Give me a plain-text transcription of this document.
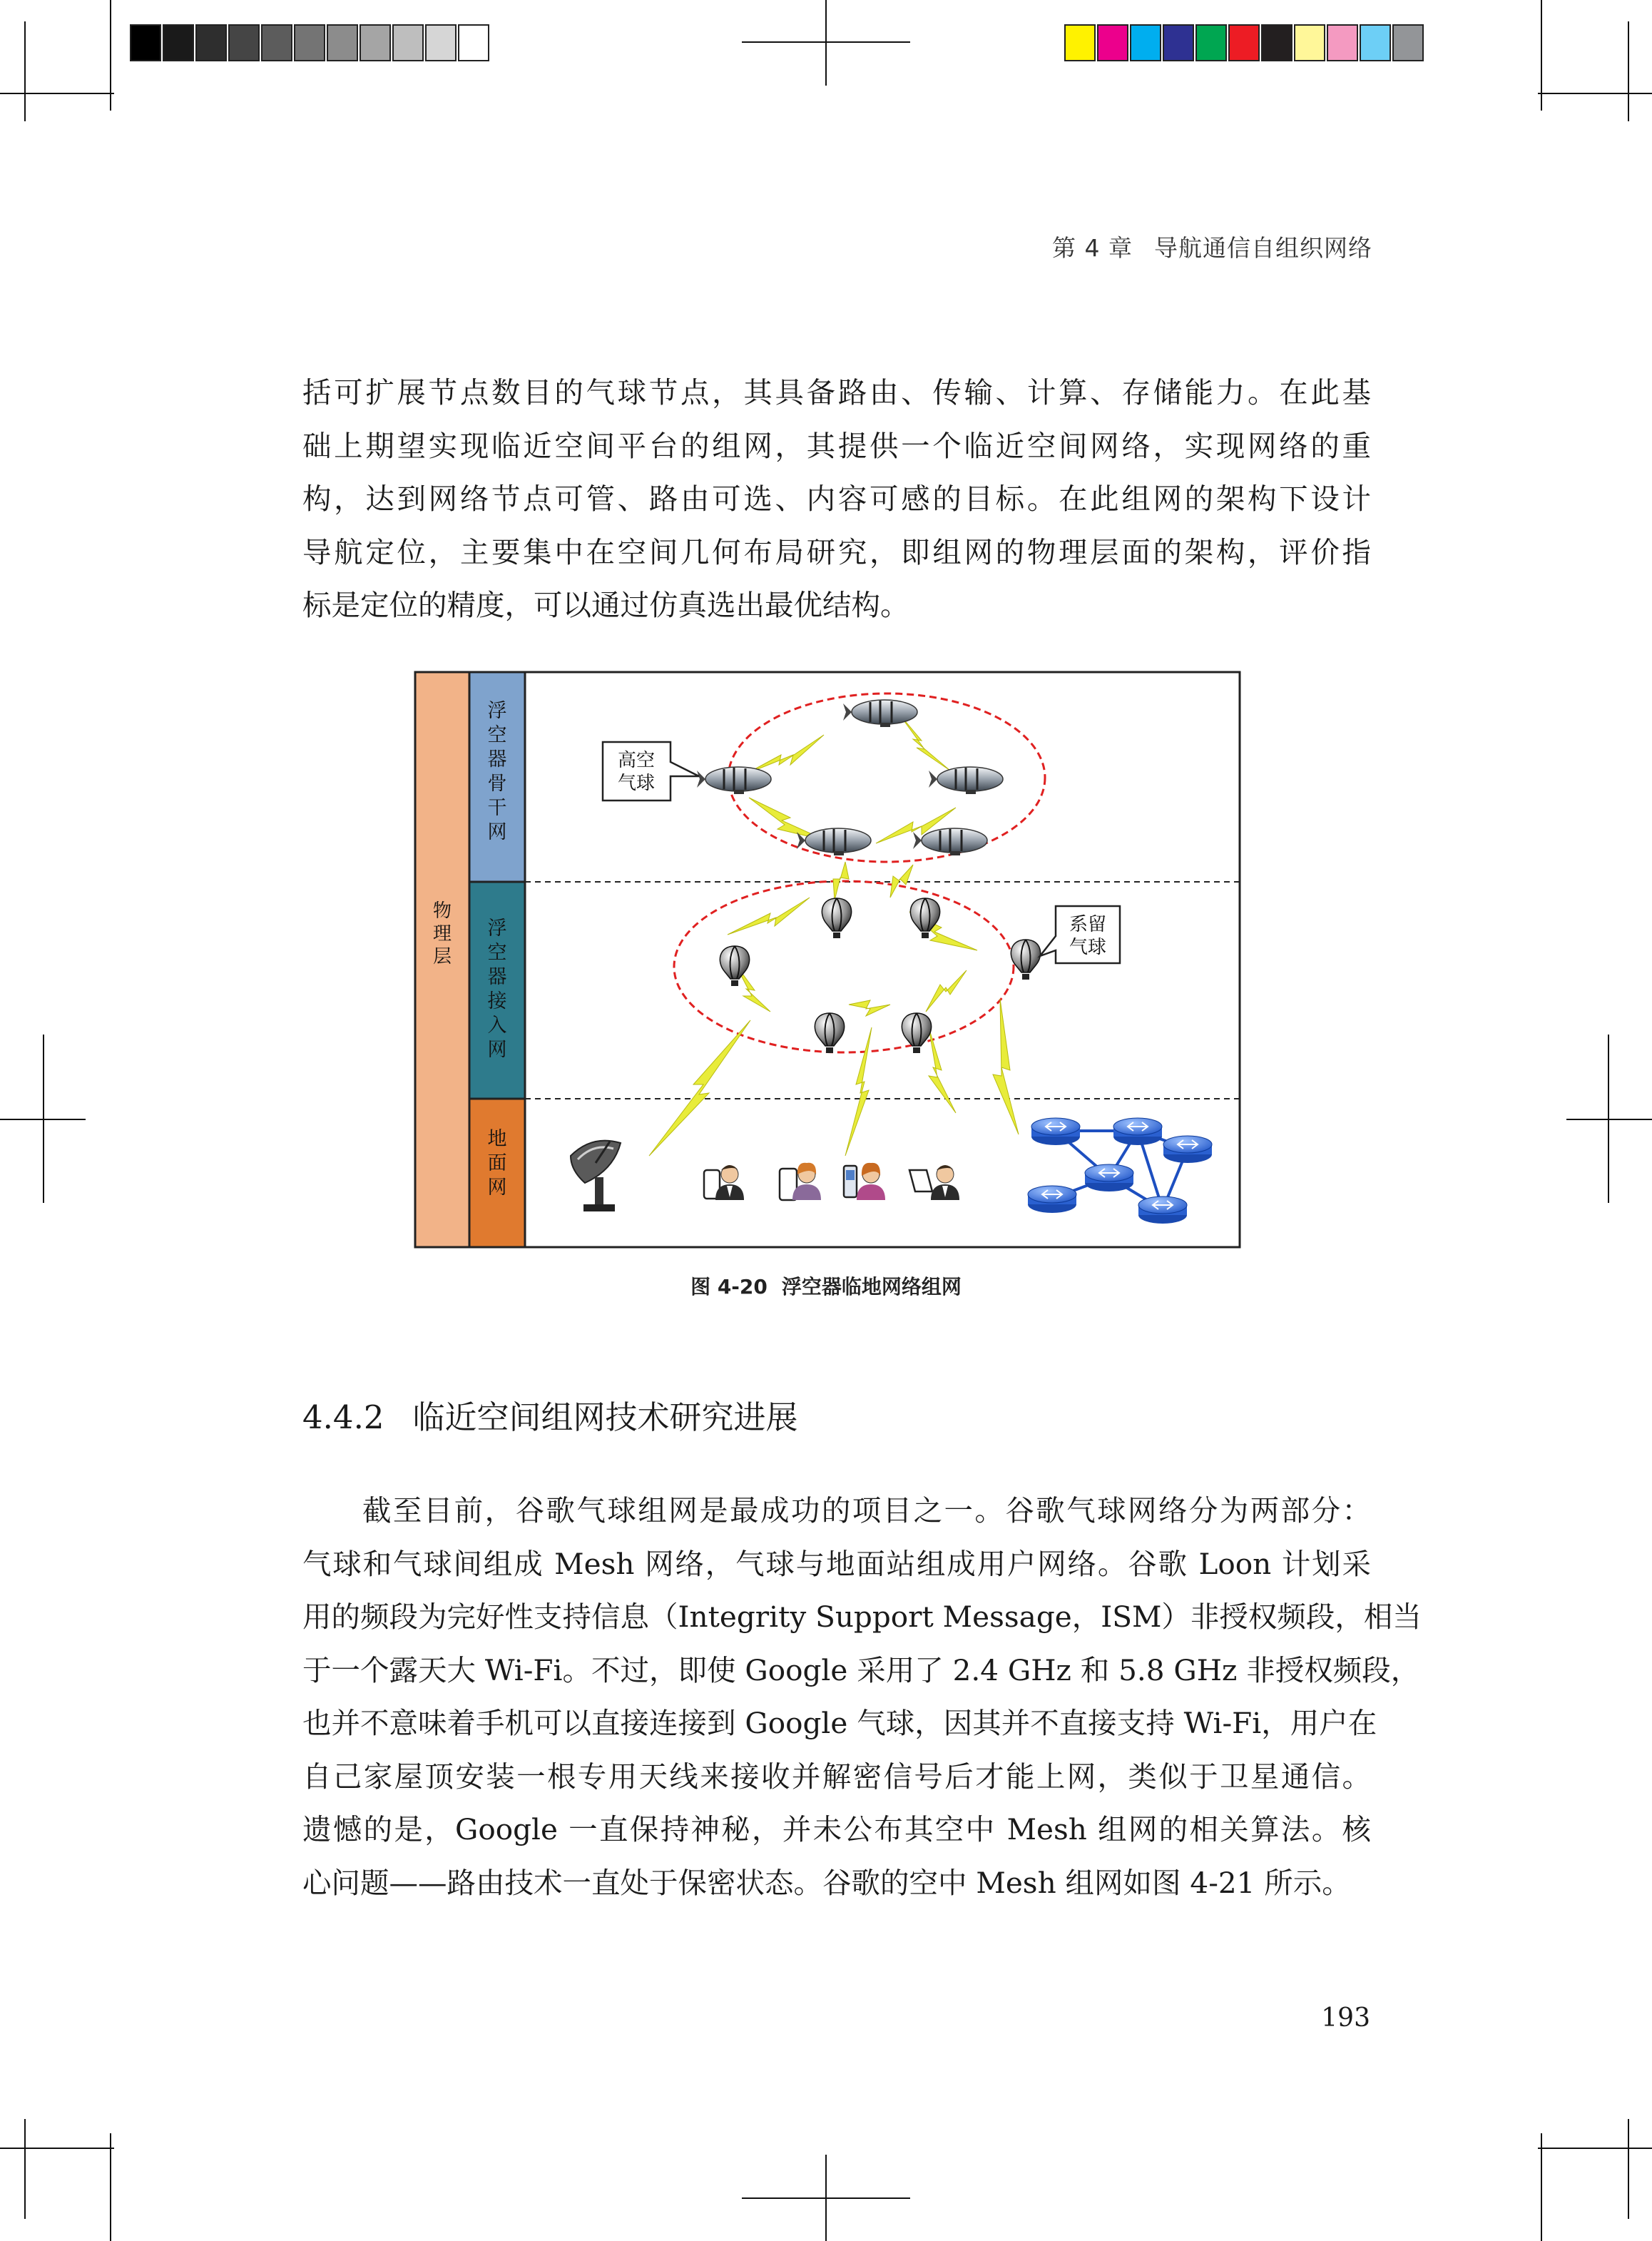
第 4 章 导航通信自组织网络
括可扩展节点数目的气球节点，其具备路由、传输、计算、存储能力。在此基
础上期望实现临近空间平台的组网，其提供一个临近空间网络，实现网络的重
构，达到网络节点可管、路由可选、内容可感的目标。在此组网的架构下设计
导航定位，主要集中在空间几何布局研究，即组网的物理层面的架构，评价指
标是定位的精度，可以通过仿真选出最优结构。
物理层
浮空器骨干网
浮空器接入网
地面网
高空
气球
系留
气球
图 4-20 浮空器临地网络组网
4.4.2 临近空间组网技术研究进展
截至目前，谷歌气球组网是最成功的项目之一。谷歌气球网络分为两部分：
气球和气球间组成 Mesh 网络，气球与地面站组成用户网络。谷歌 Loon 计划采
用的频段为完好性支持信息（Integrity Support Message，ISM）非授权频段，相当
于一个露天大 Wi-Fi。不过，即使 Google 采用了 2.4 GHz 和 5.8 GHz 非授权频段，
也并不意味着手机可以直接连接到 Google 气球，因其并不直接支持 Wi-Fi，用户在
自己家屋顶安装一根专用天线来接收并解密信号后才能上网，类似于卫星通信。
遗憾的是，Google 一直保持神秘，并未公布其空中 Mesh 组网的相关算法。核
心问题——路由技术一直处于保密状态。谷歌的空中 Mesh 组网如图 4-21 所示。
193
